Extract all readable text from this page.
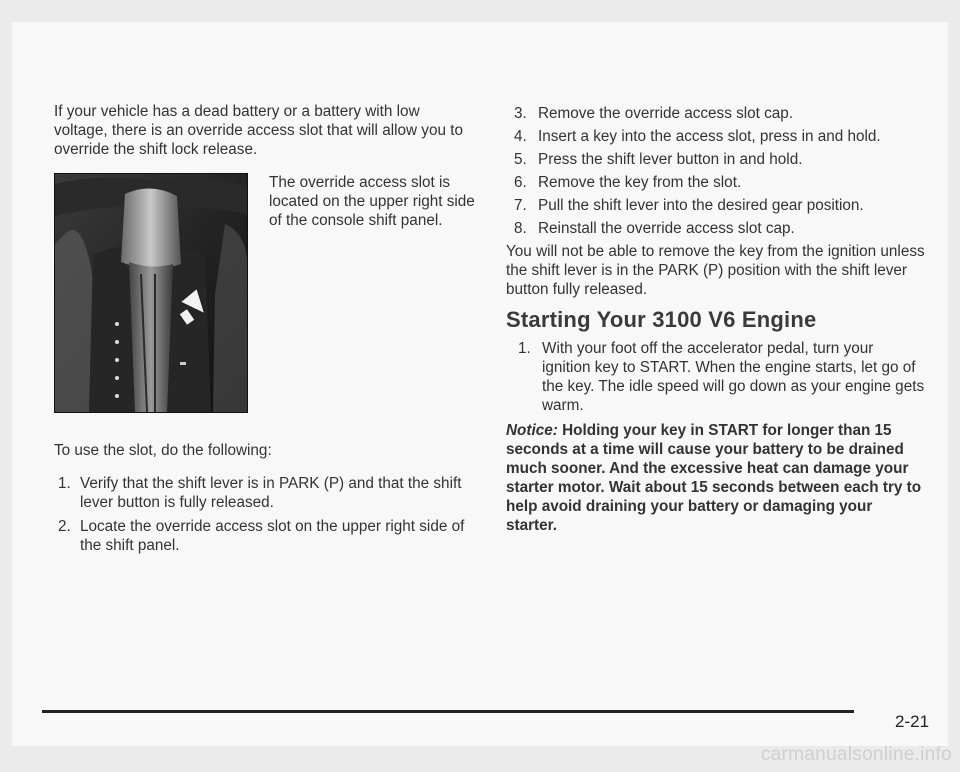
If your vehicle has a dead battery or a battery with low voltage, there is an override access slot that will allow you to override the shift lock release.

The override access slot is located on the upper right side of the console shift panel.

To use the slot, do the following:

1. Verify that the shift lever is in PARK (P) and that the shift lever button is fully released.
2. Locate the override access slot on the upper right side of the shift panel.
3. Remove the override access slot cap.
4. Insert a key into the access slot, press in and hold.
5. Press the shift lever button in and hold.
6. Remove the key from the slot.
7. Pull the shift lever into the desired gear position.
8. Reinstall the override access slot cap.

You will not be able to remove the key from the ignition unless the shift lever is in the PARK (P) position with the shift lever button fully released.

Starting Your 3100 V6 Engine
1. With your foot off the accelerator pedal, turn your ignition key to START. When the engine starts, let go of the key. The idle speed will go down as your engine gets warm.

Notice: Holding your key in START for longer than 15 seconds at a time will cause your battery to be drained much sooner. And the excessive heat can damage your starter motor. Wait about 15 seconds between each try to help avoid draining your battery or damaging your starter.

2-21
carmanualsonline.info
